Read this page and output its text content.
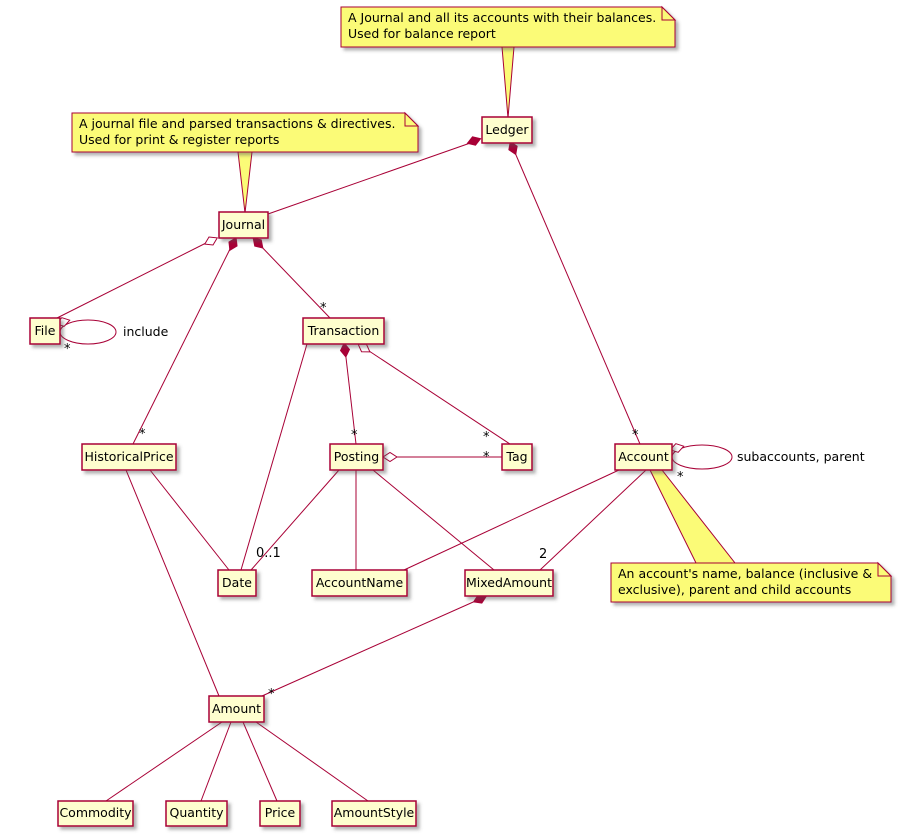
Ledger
Journal
File	Transaction
HistoricalPrice	Posting	Tag	Account
Date	AccountName	MixedAmount
Amount
Commodity	Quantity	Price	AmountStyle
A Journal and all its accounts with their balances.
Used for balance report
A journal file and parsed transactions & directives.
Used for print & register reports
An account's name, balance (inclusive &
exclusive), parent and child accounts
include
subaccounts, parent
*
*
*
*	*
*
0..1
*
*
2
*
